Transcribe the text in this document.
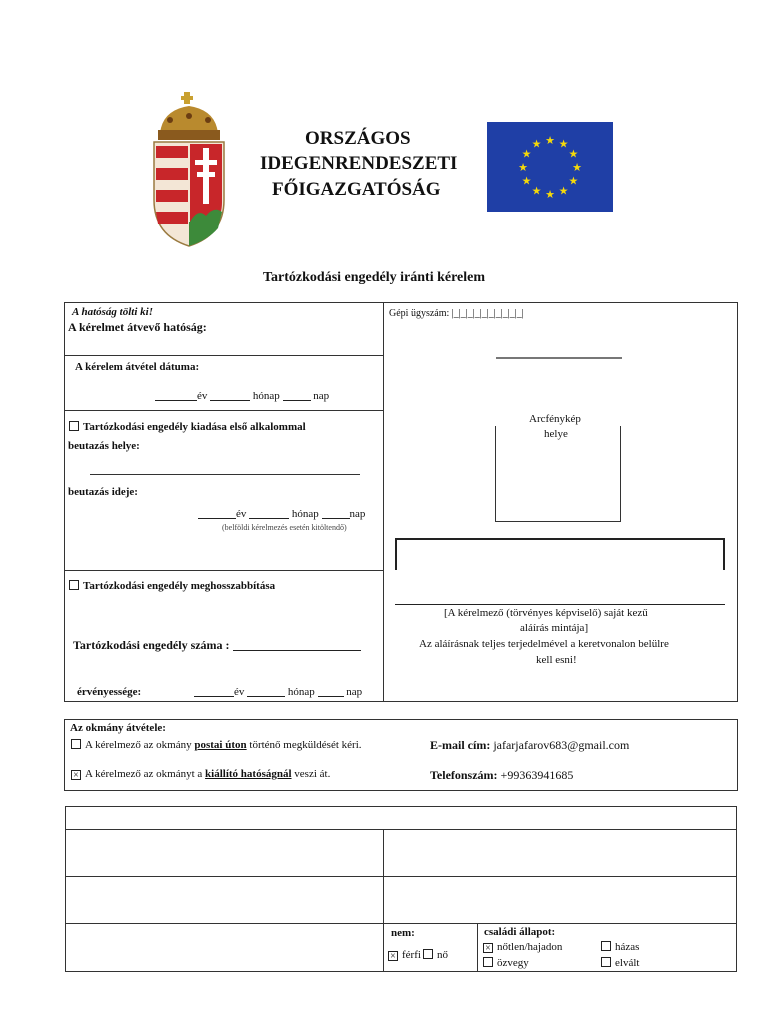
ORSZÁGOS
IDEGENRENDESZETI
FŐIGAZGATÓSÁG
★ ★
★
★
★
★
★
★
★
★
★
★
Tartózkodási engedély iránti kérelem
A hatóság tölti ki!
A kérelmet átvevő hatóság:
A kérelem átvétel dátuma:
év	hónap	nap
Tartózkodási engedély kiadása első alkalommal
beutazás helye:
beutazás ideje:
év	hónap	nap
(belföldi kérelmezés esetén kitöltendő)
Tartózkodási engedély meghosszabbítása
Tartózkodási engedély száma :
érvényessége:	év	hónap	nap
Gépi ügyszám: |_|_|_|_|_|_|_|_|_|_|
Arcfénykép
helye
[A kérelmező (törvényes képviselő) saját kezű
aláírás mintája]
Az aláírásnak teljes terjedelmével a keretvonalon belülre
kell esni!
Az okmány átvétele:
A kérelmező az okmány postai úton történő megküldését kéri.
× A kérelmező az okmányt a kiállító hatóságnál veszi át.
E-mail cím: jafarjafarov683@gmail.com
Telefonszám: +99363941685
nem:
× férfi nő
családi állapot:
× nőtlen/hajadon	házas
özvegy	elvált
